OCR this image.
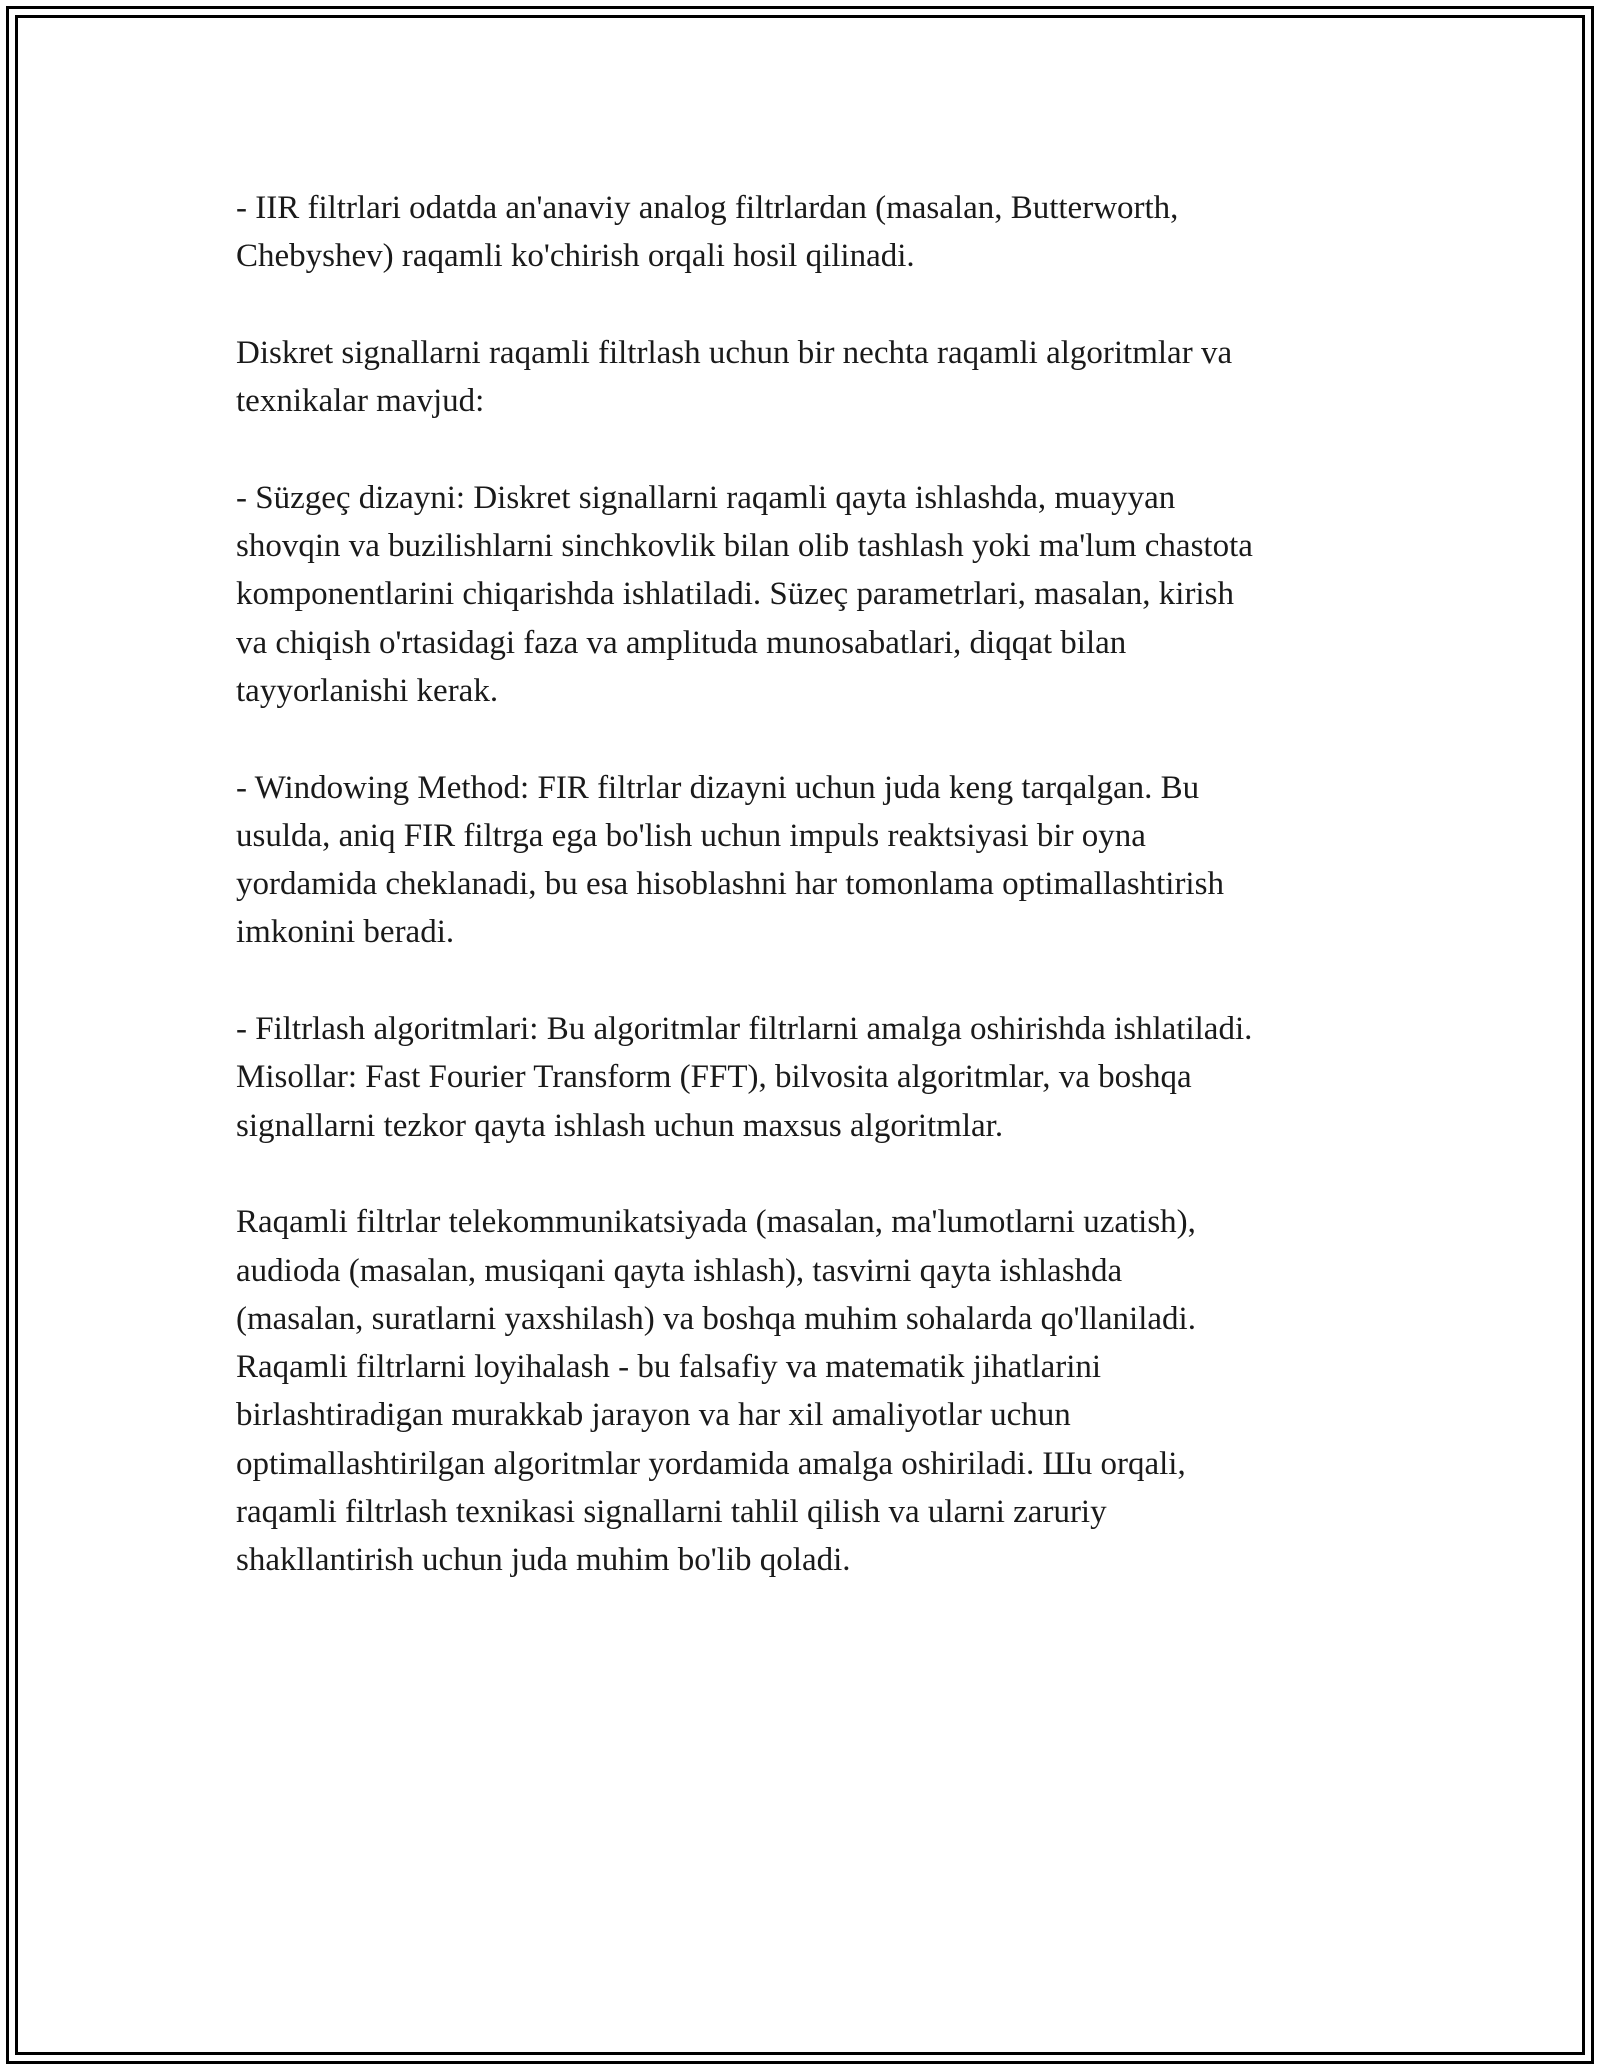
- IIR filtrlari odatda an'anaviy analog filtrlardan (masalan, Butterworth,
Chebyshev) raqamli ko'chirish orqali hosil qilinadi.

Diskret signallarni raqamli filtrlash uchun bir nechta raqamli algoritmlar va
texnikalar mavjud:

- Süzgeç dizayni: Diskret signallarni raqamli qayta ishlashda, muayyan
shovqin va buzilishlarni sinchkovlik bilan olib tashlash yoki ma'lum chastota
komponentlarini chiqarishda ishlatiladi. Süzeç parametrlari, masalan, kirish
va chiqish o'rtasidagi faza va amplituda munosabatlari, diqqat bilan
tayyorlanishi kerak.

- Windowing Method: FIR filtrlar dizayni uchun juda keng tarqalgan. Bu
usulda, aniq FIR filtrga ega bo'lish uchun impuls reaktsiyasi bir oyna
yordamida cheklanadi, bu esa hisoblashni har tomonlama optimallashtirish
imkonini beradi.

- Filtrlash algoritmlari: Bu algoritmlar filtrlarni amalga oshirishda ishlatiladi.
Misollar: Fast Fourier Transform (FFT), bilvosita algoritmlar, va boshqa
signallarni tezkor qayta ishlash uchun maxsus algoritmlar.

Raqamli filtrlar telekommunikatsiyada (masalan, ma'lumotlarni uzatish),
audioda (masalan, musiqani qayta ishlash), tasvirni qayta ishlashda
(masalan, suratlarni yaxshilash) va boshqa muhim sohalarda qo'llaniladi.
Raqamli filtrlarni loyihalash - bu falsafiy va matematik jihatlarini
birlashtiradigan murakkab jarayon va har xil amaliyotlar uchun
optimallashtirilgan algoritmlar yordamida amalga oshiriladi. Шu orqali,
raqamli filtrlash texnikasi signallarni tahlil qilish va ularni zaruriy
shakllantirish uchun juda muhim bo'lib qoladi.
